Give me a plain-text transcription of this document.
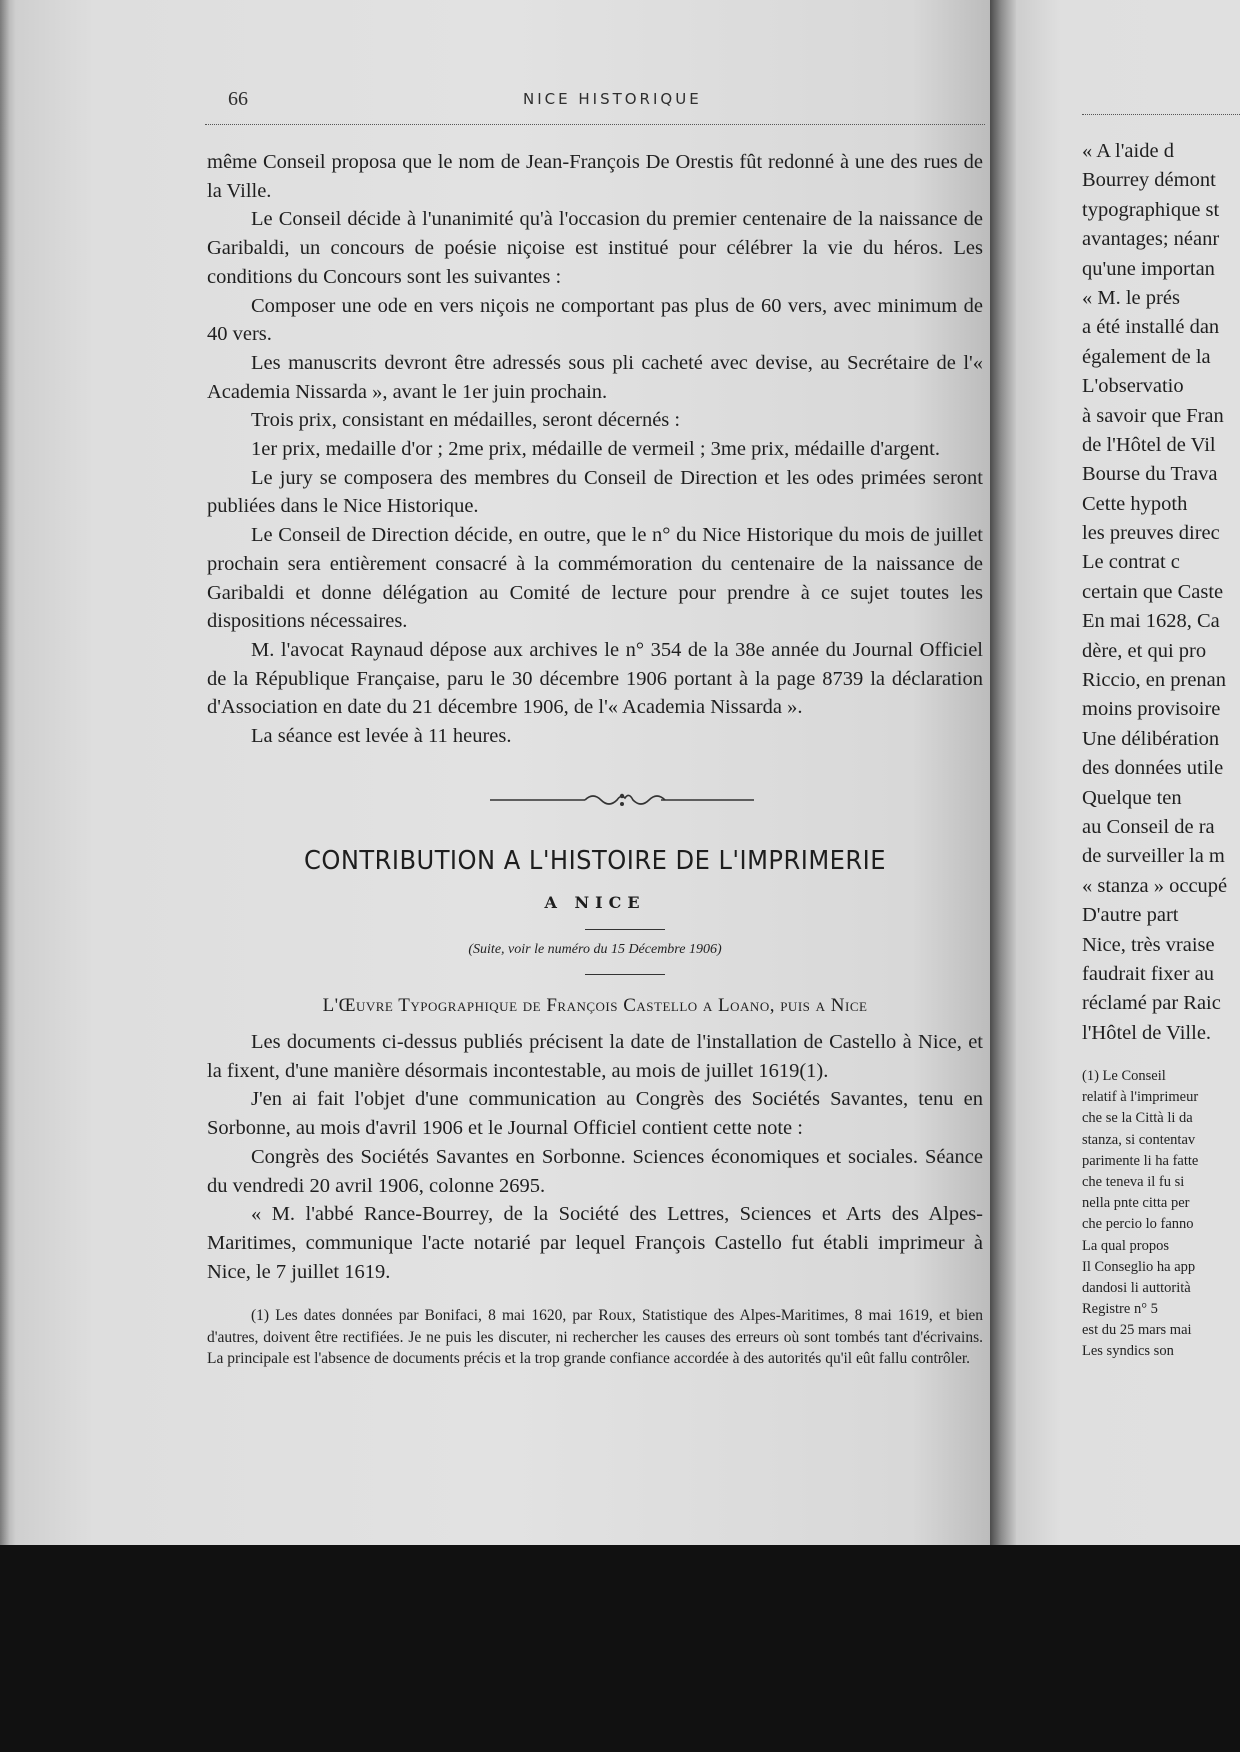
66	NICE HISTORIQUE

même Conseil proposa que le nom de Jean-François De Orestis fût redonné à une des rues de la Ville.

Le Conseil décide à l'unanimité qu'à l'occasion du premier centenaire de la naissance de Garibaldi, un concours de poésie niçoise est institué pour célébrer la vie du héros. Les conditions du Concours sont les suivantes :

Composer une ode en vers niçois ne comportant pas plus de 60 vers, avec minimum de 40 vers.

Les manuscrits devront être adressés sous pli cacheté avec devise, au Secrétaire de l'« Academia Nissarda », avant le 1er juin prochain.

Trois prix, consistant en médailles, seront décernés :

1er prix, medaille d'or ; 2me prix, médaille de vermeil ; 3me prix, médaille d'argent.

Le jury se composera des membres du Conseil de Direction et les odes primées seront publiées dans le Nice Historique.

Le Conseil de Direction décide, en outre, que le n° du Nice Historique du mois de juillet prochain sera entièrement consacré à la commémoration du centenaire de la naissance de Garibaldi et donne délégation au Comité de lecture pour prendre à ce sujet toutes les dispositions nécessaires.

M. l'avocat Raynaud dépose aux archives le n° 354 de la 38e année du Journal Officiel de la République Française, paru le 30 décembre 1906 portant à la page 8739 la déclaration d'Association en date du 21 décembre 1906, de l'« Academia Nissarda ».

La séance est levée à 11 heures.

CONTRIBUTION A L'HISTOIRE DE L'IMPRIMERIE
A NICE
(Suite, voir le numéro du 15 Décembre 1906)
L'Œuvre Typographique de François Castello a Loano, puis a Nice

Les documents ci-dessus publiés précisent la date de l'installation de Castello à Nice, et la fixent, d'une manière désormais incontestable, au mois de juillet 1619(1).

J'en ai fait l'objet d'une communication au Congrès des Sociétés Savantes, tenu en Sorbonne, au mois d'avril 1906 et le Journal Officiel contient cette note :

Congrès des Sociétés Savantes en Sorbonne. Sciences économiques et sociales. Séance du vendredi 20 avril 1906, colonne 2695.

« M. l'abbé Rance-Bourrey, de la Société des Lettres, Sciences et Arts des Alpes-Maritimes, communique l'acte notarié par lequel François Castello fut établi imprimeur à Nice, le 7 juillet 1619.

(1) Les dates données par Bonifaci, 8 mai 1620, par Roux, Statistique des Alpes-Maritimes, 8 mai 1619, et bien d'autres, doivent être rectifiées. Je ne puis les discuter, ni rechercher les causes des erreurs où sont tombés tant d'écrivains. La principale est l'absence de documents précis et la trop grande confiance accordée à des autorités qu'il eût fallu contrôler.

« A l'aide d
Bourrey démont
typographique st
avantages; néanr
qu'une importan
« M. le prés
a été installé dan
également de la
L'observatio
à savoir que Fran
de l'Hôtel de Vil
Bourse du Trava
Cette hypoth
les preuves direc
Le contrat c
certain que Caste
En mai 1628, Ca
dère, et qui pro
Riccio, en prenan
moins provisoire
Une délibération
des données utile
Quelque ten
au Conseil de ra
de surveiller la m
« stanza » occupé
D'autre part
Nice, très vraise
faudrait fixer au
réclamé par Raic
l'Hôtel de Ville.
(1) Le Conseil
relatif à l'imprimeur
che se la Città li da
stanza, si contentav
parimente li ha fatte
che teneva il fu si
nella pnte citta per
che percio lo fanno
La qual propos
Il Conseglio ha app
dandosi li auttorità
Registre n° 5
est du 25 mars mai
Les syndics son
